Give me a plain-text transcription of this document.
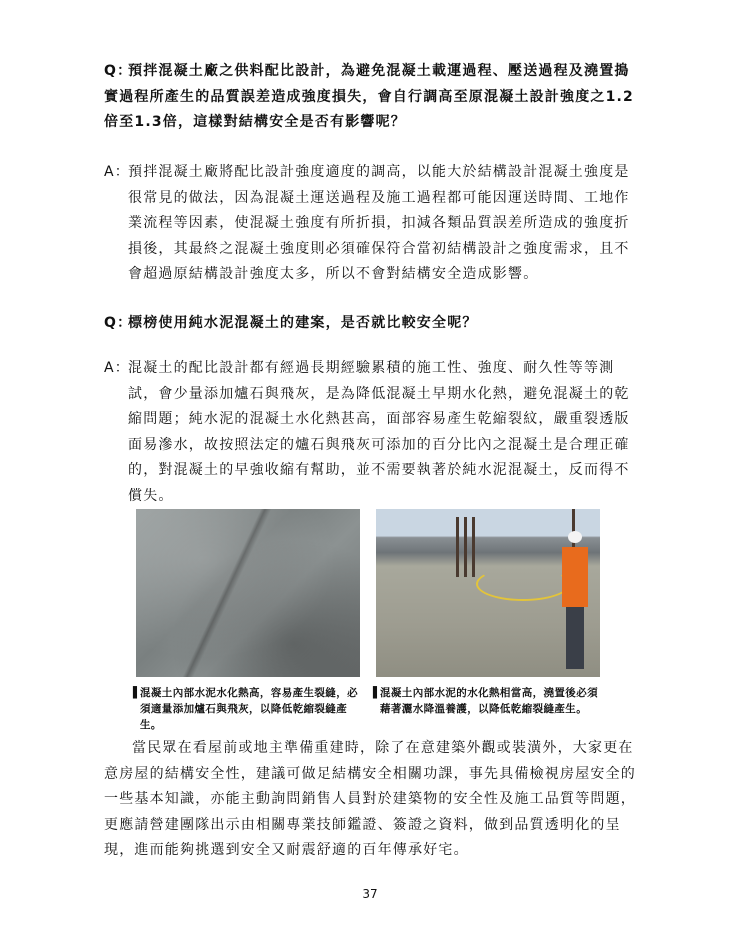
Q：
預拌混凝土廠之供料配比設計，為避免混凝土載運過程、壓送過程及澆置搗實過程所產生的品質誤差造成強度損失，會自行調高至原混凝土設計強度之1.2倍至1.3倍，這樣對結構安全是否有影響呢？
A：
預拌混凝土廠將配比設計強度適度的調高，以能大於結構設計混凝土強度是很常見的做法，因為混凝土運送過程及施工過程都可能因運送時間、工地作業流程等因素，使混凝土強度有所折損，扣減各類品質誤差所造成的強度折損後，其最終之混凝土強度則必須確保符合當初結構設計之強度需求，且不會超過原結構設計強度太多，所以不會對結構安全造成影響。
Q：
標榜使用純水泥混凝土的建案，是否就比較安全呢？
A：
混凝土的配比設計都有經過長期經驗累積的施工性、強度、耐久性等等測試，會少量添加爐石與飛灰，是為降低混凝土早期水化熱，避免混凝土的乾縮問題；純水泥的混凝土水化熱甚高，面部容易產生乾縮裂紋，嚴重裂透版面易滲水，故按照法定的爐石與飛灰可添加的百分比內之混凝土是合理正確的，對混凝土的早強收縮有幫助，並不需要執著於純水泥混凝土，反而得不償失。
▌ 混凝土內部水泥水化熱高，容易產生裂縫，必須適量添加爐石與飛灰，以降低乾縮裂縫產生。
▌ 混凝土內部水泥的水化熱相當高，澆置後必須藉著灑水降溫養護，以降低乾縮裂縫產生。
當民眾在看屋前或地主準備重建時，除了在意建築外觀或裝潢外，大家更在意房屋的結構安全性，建議可做足結構安全相關功課，事先具備檢視房屋安全的一些基本知識，亦能主動詢問銷售人員對於建築物的安全性及施工品質等問題，更應請營建團隊出示由相關專業技師鑑證、簽證之資料，做到品質透明化的呈現，進而能夠挑選到安全又耐震舒適的百年傳承好宅。
37
